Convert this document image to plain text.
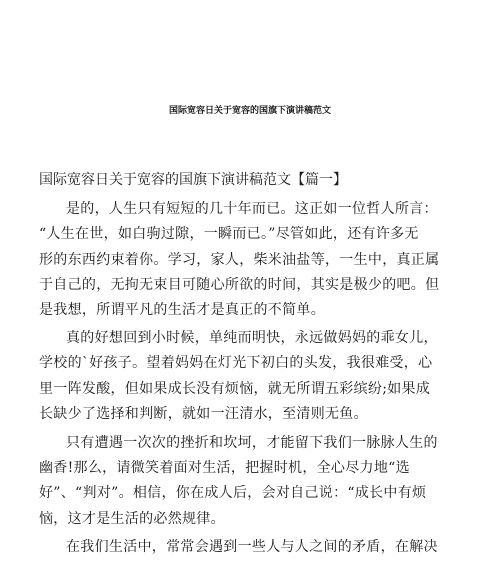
国际宽容日关于宽容的国旗下演讲稿范文
国际宽容日关于宽容的国旗下演讲稿范文【篇一】
是的，人生只有短短的几十年而已。这正如一位哲人所言：
“人生在世，如白驹过隙，一瞬而已。”尽管如此，还有许多无
形的东西约束着你。学习，家人，柴米油盐等，一生中，真正属
于自己的，无拘无束目可随心所欲的时间，其实是极少的吧。但
是我想，所谓平凡的生活才是真正的不简单。
真的好想回到小时候，单纯而明快，永远做妈妈的乖女儿，
学校的`好孩子。望着妈妈在灯光下初白的头发，我很难受，心
里一阵发酸，但如果成长没有烦恼，就无所谓五彩缤纷;如果成
长缺少了选择和判断，就如一汪清水，至清则无鱼。
只有遭遇一次次的挫折和坎坷，才能留下我们一脉脉人生的
幽香!那么，请微笑着面对生活，把握时机，全心尽力地“选
好”、“判对”。相信，你在成人后，会对自己说：“成长中有烦
恼，这才是生活的必然规律。
在我们生活中，常常会遇到一些人与人之间的矛盾，在解决
